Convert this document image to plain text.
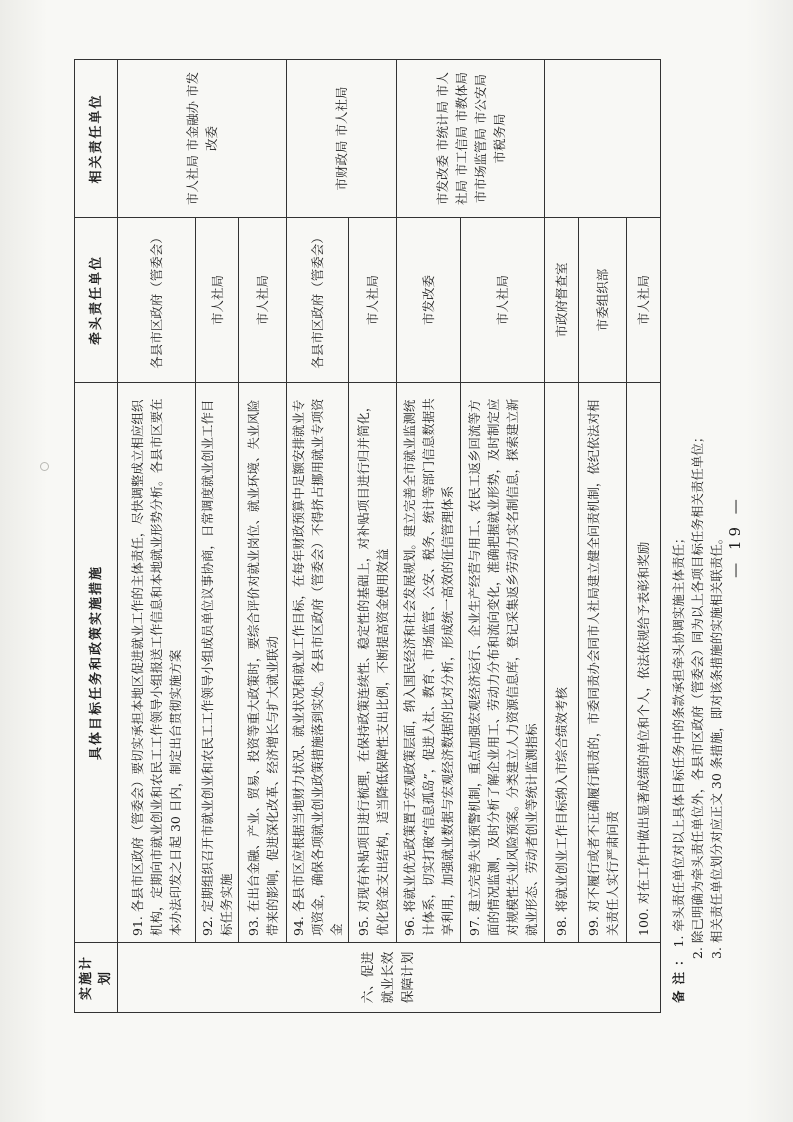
实施计划	具体目标任务和政策实施措施	牵头责任单位	相关责任单位
六、促进就业长效保障计划	91. 各县市区政府（管委会）要切实承担本地区促进就业工作的主体责任，尽快调整成立相应组织机构，定期向市就业创业和农民工工作领导小组报送工作信息和本地就业形势分析。各县市区要在本办法印发之日起 30 日内，制定出台贯彻实施方案	各县市区政府（管委会）	市人社局 市金融办 市发改委
	92. 定期组织召开市就业创业和农民工工作领导小组成员单位议事协商，日常调度就业创业工作目标任务实施	市人社局	
	93. 在出台金融、产业、贸易、投资等重大政策时，要综合评价对就业岗位、就业环境、失业风险带来的影响，促进深化改革、经济增长与扩大就业联动	市人社局	
	94. 各县市区应根据当地财力状况、就业状况和就业工作目标，在每年财政预算中足额安排就业专项资金，确保各项就业创业政策措施落到实处。各县市区政府（管委会）不得挤占挪用就业专项资金	各县市区政府（管委会）	市财政局 市人社局
	95. 对现有补贴项目进行梳理，在保持政策连续性、稳定性的基础上，对补贴项目进行归并简化，优化资金支出结构，适当降低保障性支出比例，不断提高资金使用效益	市人社局	
	96. 将就业优先政策置于宏观政策层面，纳入国民经济和社会发展规划。建立完善全市就业监测统计体系，切实打破“信息孤岛”，促进人社、教育、市场监管、公安、税务、统计等部门信息数据共享利用，加强就业数据与宏观经济数据的比对分析，形成统一高效的征信管理体系	市发改委	市发改委 市统计局 市人社局 市工信局 市教体局 市市场监管局 市公安局 市税务局
	97. 建立完善失业预警机制，重点加强宏观经济运行、企业生产经营与用工、农民工返乡回流等方面的情况监测，及时分析了解企业用工、劳动力分布和流向变化，准确把握就业形势，及时制定应对规模性失业风险预案。分类建立人力资源信息库，登记采集返乡劳动力实名制信息，探索建立新就业形态、劳动者创业等统计监测指标	市人社局	
	98. 将就业创业工作目标纳入市综合绩效考核	市政府督查室	
	99. 对不履行或者不正确履行职责的，市委同责办会同市人社局建立健全问责机制，依纪依法对相关责任人实行严肃问责	市委组织部	
	100. 对在工作中做出显著成绩的单位和个人，依法依规给予表彰和奖励	市人社局	
备注：1. 牵头责任单位对以上具体目标任务中的条款承担牵头协调实施主体责任； 2. 除已明确为牵头责任单位外，各县市区政府（管委会）同为以上各项目标任务相关责任单位； 3. 相关责任单位划分对应正文 30 条措施，即对该条措施的实施相关联责任。 — 19 —
